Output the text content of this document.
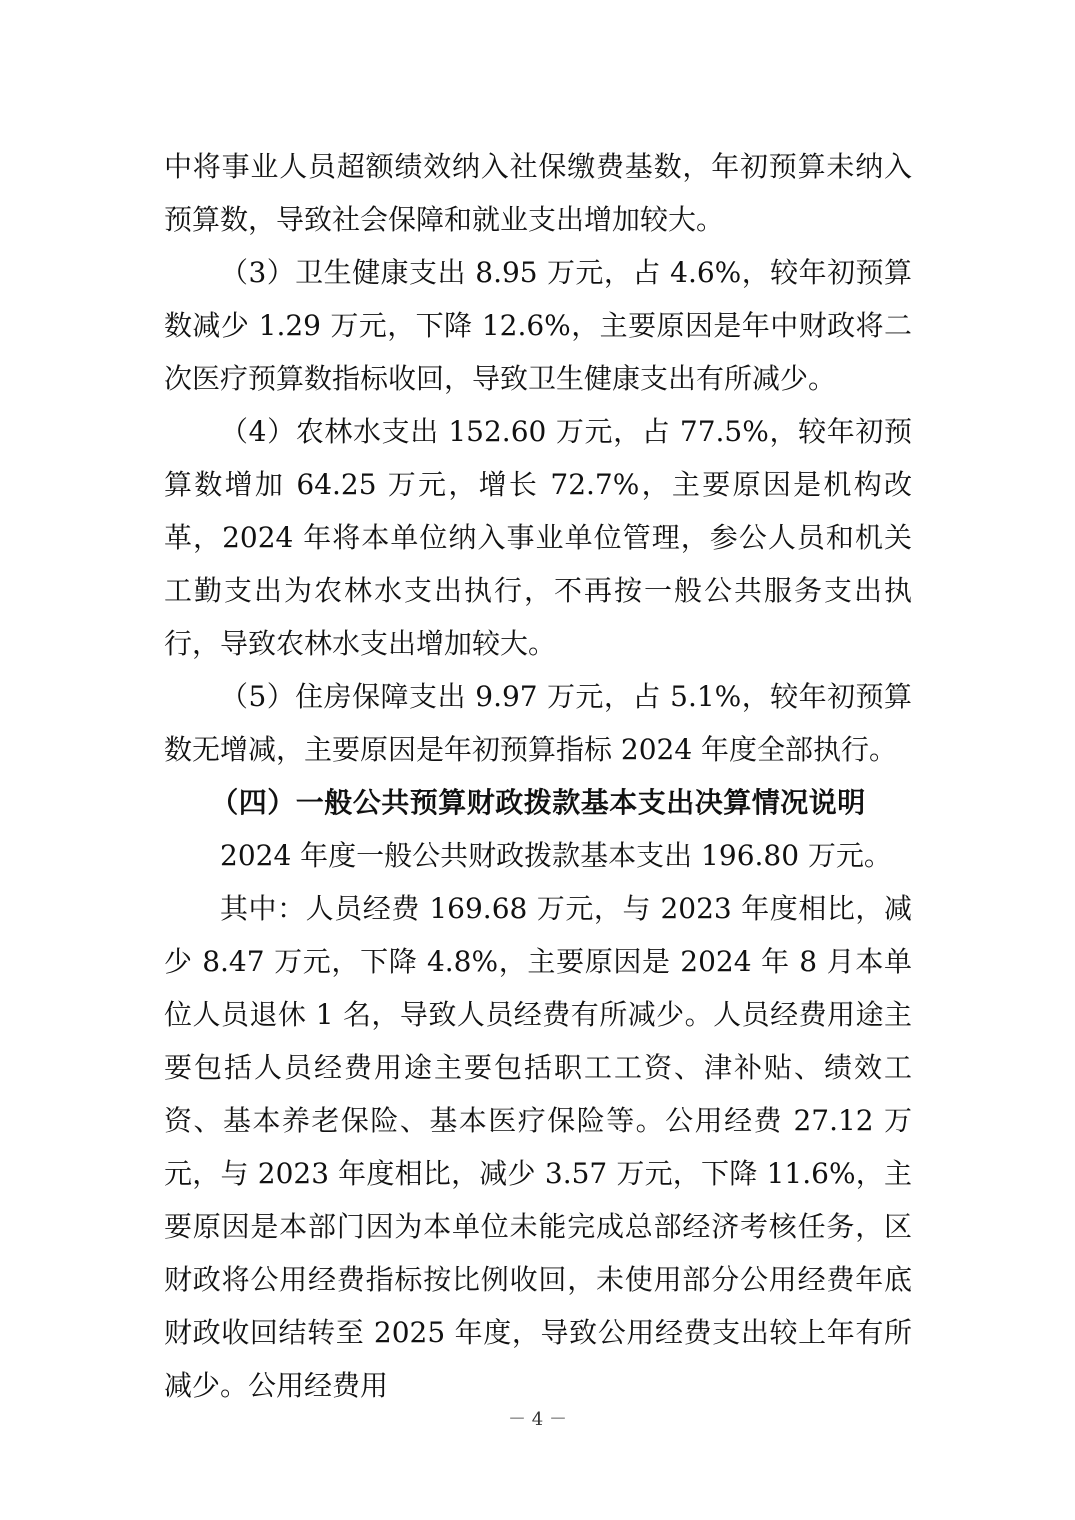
中将事业人员超额绩效纳入社保缴费基数，年初预算未纳入预算数，导致社会保障和就业支出增加较大。

（3）卫生健康支出 8.95 万元，占 4.6%，较年初预算数减少 1.29 万元，下降 12.6%，主要原因是年中财政将二次医疗预算数指标收回，导致卫生健康支出有所减少。

（4）农林水支出 152.60 万元，占 77.5%，较年初预算数增加 64.25 万元，增长 72.7%，主要原因是机构改革，2024 年将本单位纳入事业单位管理，参公人员和机关工勤支出为农林水支出执行，不再按一般公共服务支出执行，导致农林水支出增加较大。

（5）住房保障支出 9.97 万元，占 5.1%，较年初预算数无增减，主要原因是年初预算指标 2024 年度全部执行。

（四）一般公共预算财政拨款基本支出决算情况说明

2024 年度一般公共财政拨款基本支出 196.80 万元。

其中：人员经费 169.68 万元，与 2023 年度相比，减少 8.47 万元，下降 4.8%，主要原因是 2024 年 8 月本单位人员退休 1 名，导致人员经费有所减少。人员经费用途主要包括人员经费用途主要包括职工工资、津补贴、绩效工资、基本养老保险、基本医疗保险等。公用经费 27.12 万元，与 2023 年度相比，减少 3.57 万元，下降 11.6%，主要原因是本部门因为本单位未能完成总部经济考核任务，区财政将公用经费指标按比例收回，未使用部分公用经费年底财政收回结转至 2025 年度，导致公用经费支出较上年有所减少。公用经费用

－ 4 －
